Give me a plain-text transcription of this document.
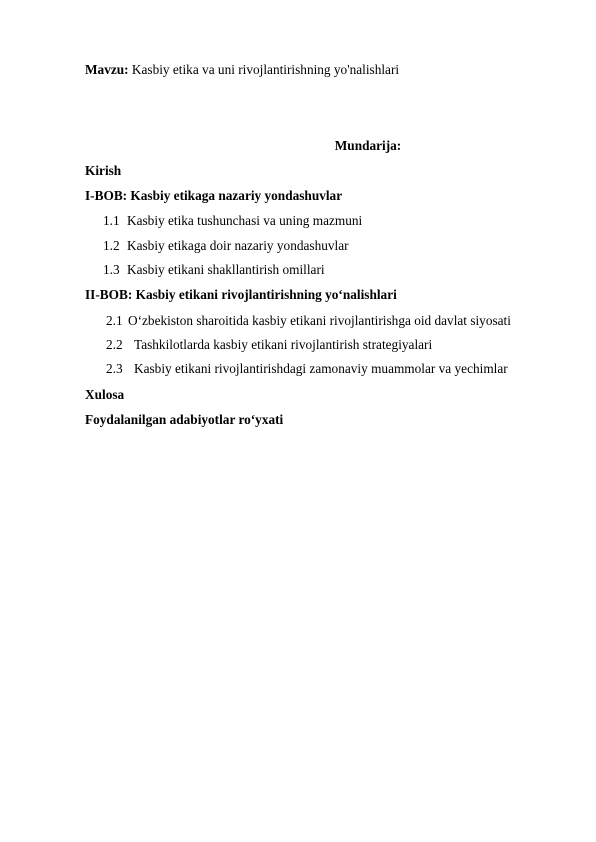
Mavzu: Kasbiy etika va uni rivojlantirishning yo'nalishlari
Mundarija:
Kirish
I-BOB: Kasbiy etikaga nazariy yondashuvlar
1.1 Kasbiy etika tushunchasi va uning mazmuni
1.2 Kasbiy etikaga doir nazariy yondashuvlar
1.3 Kasbiy etikani shakllantirish omillari
II-BOB: Kasbiy etikani rivojlantirishning yo‘nalishlari
2.1 O‘zbekiston sharoitida kasbiy etikani rivojlantirishga oid davlat siyosati
2.2 Tashkilotlarda kasbiy etikani rivojlantirish strategiyalari
2.3 Kasbiy etikani rivojlantirishdagi zamonaviy muammolar va yechimlar
Xulosa
Foydalanilgan adabiyotlar ro‘yxati
